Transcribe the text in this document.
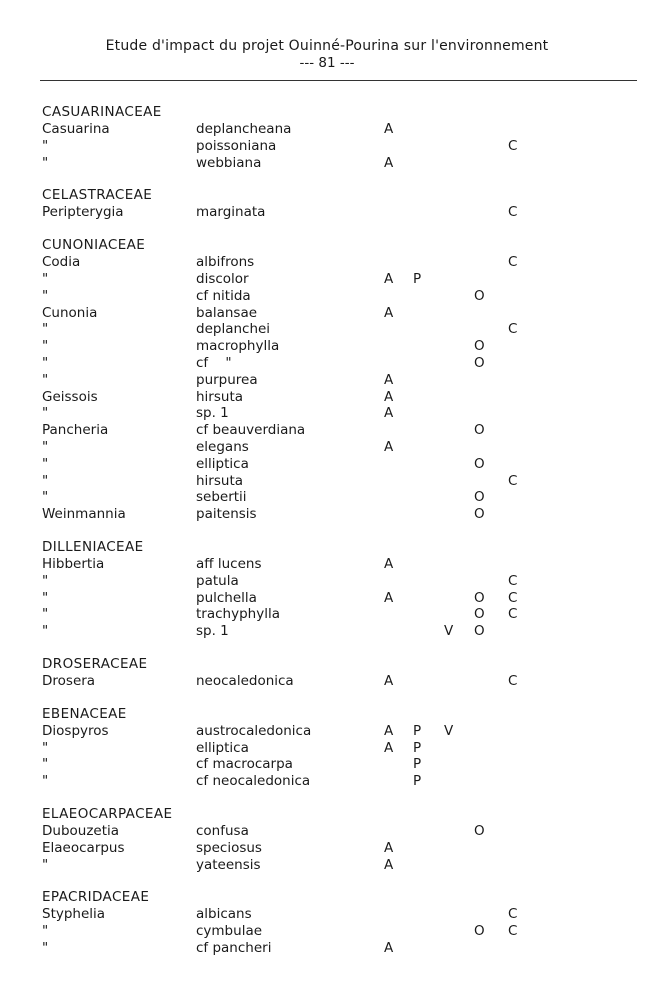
Etude d'impact du projet Ouinné-Pourina sur l'environnement
--- 81 ---
CASUARINACEAE
Casuarina	deplancheana	A
"	poissoniana	C
"	webbiana	A
CELASTRACEAE
Peripterygia	marginata	C
CUNONIACEAE
Codia	albifrons	C
"	discolor	A P
"	cf nitida	O
Cunonia	balansae	A
"	deplanchei	C
"	macrophylla	O
"	cf    "	O
"	purpurea	A
Geissois	hirsuta	A
"	sp. 1	A
Pancheria	cf beauverdiana	O
"	elegans	A
"	elliptica	O
"	hirsuta	C
"	sebertii	O
Weinmannia	paitensis	O
DILLENIACEAE
Hibbertia	aff lucens	A
"	patula	C
"	pulchella	A	O C
"	trachyphylla	O C
"	sp. 1	V O
DROSERACEAE
Drosera	neocaledonica	A	C
EBENACEAE
Diospyros	austrocaledonica	A P V
"	elliptica	A P
"	cf macrocarpa	P
"	cf neocaledonica	P
ELAEOCARPACEAE
Dubouzetia	confusa	O
Elaeocarpus	speciosus	A
"	yateensis	A
EPACRIDACEAE
Styphelia	albicans	C
"	cymbulae	O C
"	cf pancheri	A
